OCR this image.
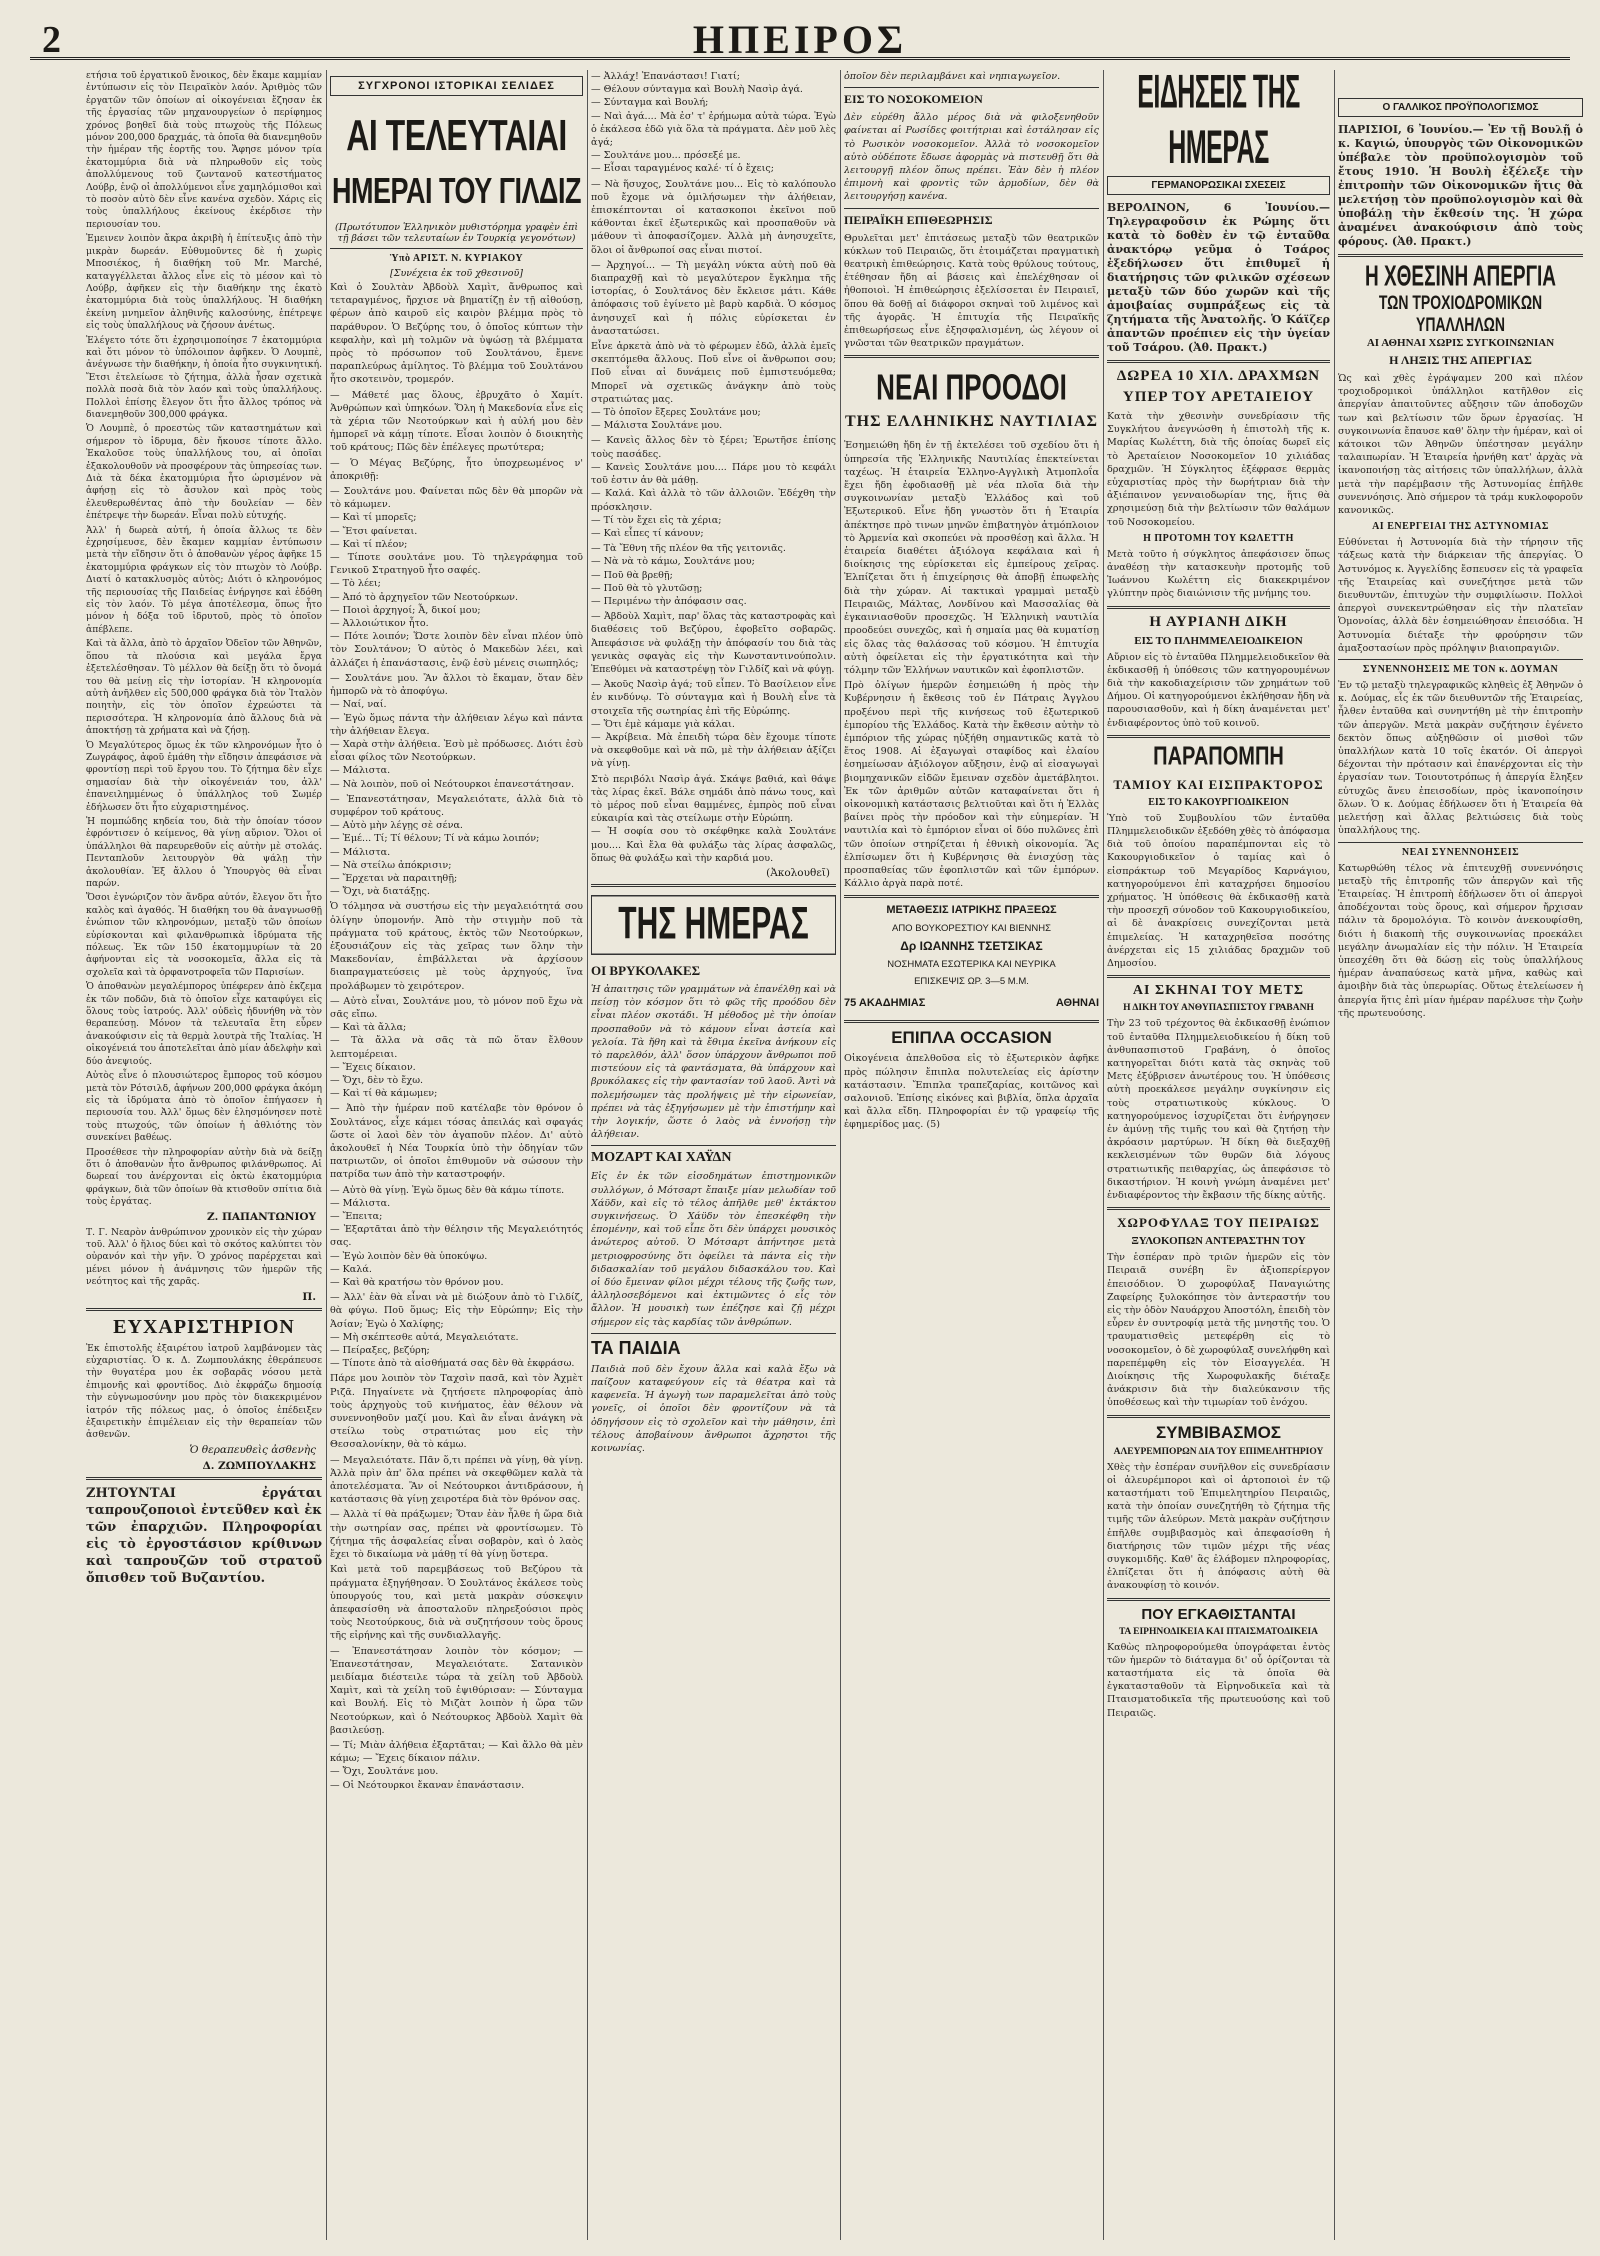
2	ΗΠΕΙΡΟΣ

ετήσια τοῦ ἐργατικοῦ ἔνοικος, δὲν ἔκαμε καμμίαν ἐντύπωσιν εἰς τὸν Πειραϊκὸν λαόν. Ἀριθμὸς τῶν ἐργατῶν τῶν ὁποίων αἱ οἰκογένειαι ἔζησαν ἐκ τῆς ἐργασίας τῶν μηχανουργείων ὁ περίφημος χρόνος βοηθεῖ διὰ τοὺς πτωχοὺς τῆς Πόλεως μόνον 200,000 δραχμάς, τὰ ὁποῖα θὰ διανεμηθοῦν τὴν ἡμέραν τῆς ἑορτῆς του. Ἄφησε μόνον τρία ἑκατομμύρια διὰ νὰ πληρωθοῦν εἰς τοὺς ἀπολλύμενους τοῦ ζωντανοῦ κατεστήματος Λούβρ, ἐνῷ οἱ ἀπολλύμενοι εἶνε χαμηλόμισθοι καὶ τὸ ποσὸν αὐτὸ δὲν εἶνε κανένα σχεδὸν. Χάρις εἰς τοὺς ὑπαλλήλους ἐκείνους ἐκέρδισε τὴν περιουσίαν του.

Ἐμεινεν λοιπὸν ἄκρα ἀκριβὴ ἡ ἐπίτευξις ἀπὸ τὴν μικρὰν δωρεάν. Εὐθυμοῦντες δὲ ἡ χωρὶς Μποσιέκος, ἡ διαθήκη τοῦ Mr. Marché, καταγγέλλεται ἄλλος εἶνε εἰς τὸ μέσον καὶ τὸ Λούβρ, ἀφῆκεν εἰς τὴν διαθήκην της ἑκατὸ ἑκατομμύρια διὰ τοὺς ὑπαλλήλους. Ἡ διαθήκη ἐκείνη μνημεῖον ἀληθινῆς καλοσύνης, ἐπέτρεψε εἰς τοὺς ὑπαλλήλους νὰ ζήσουν ἀνέτως.

Ἐλέγετο τότε ὅτι ἐχρησιμοποίησε 7 ἑκατομμύρια καὶ ὅτι μόνον τὸ ὑπόλοιπον ἀφῆκεν. Ὁ Λουμπὲ, ἀνέγνωσε τὴν διαθήκην, ἡ ὁποία ἦτο συγκινητική. Ἔτσι ἐτελείωσε τὸ ζήτημα, ἀλλὰ ἦσαν σχετικὰ πολλὰ ποσὰ διὰ τὸν λαόν καὶ τοὺς ὑπαλλήλους. Πολλοὶ ἐπίσης ἔλεγον ὅτι ἦτο ἄλλος τρόπος νὰ διανεμηθοῦν 300,000 φράγκα.

Ὁ Λουμπὲ, ὁ προεστὼς τῶν καταστημάτων καὶ σήμερον τὸ ἱδρυμα, δὲν ἤκουσε τίποτε ἄλλο. Ἐκαλοῦσε τοὺς ὑπαλλήλους του, αἱ ὁποῖαι ἐξακολουθοῦν νὰ προσφέρουν τὰς ὑπηρεσίας των. Διὰ τὰ δέκα ἑκατομμύρια ἦτο ὡρισμένον νὰ ἀφήσῃ εἰς τὸ ἄσυλον καὶ πρὸς τοὺς ἐλευθερωθέντας ἀπὸ τὴν δουλείαν — δὲν ἐπέτρεψε τὴν δωρεάν. Εἶναι πολὺ εὐτυχής.

Ἀλλ' ἡ δωρεὰ αὐτή, ἡ ὁποία ἄλλως τε δὲν ἐχρησίμευσε, δὲν ἔκαμεν καμμίαν ἐντύπωσιν μετὰ τὴν εἴδησιν ὅτι ὁ ἀποθανὼν γέρος ἀφῆκε 15 ἑκατομμύρια φράγκων εἰς τὸν πτωχὸν τὸ Λούβρ. Διατί ὁ κατακλυσμὸς αὐτὸς; Διότι ὁ κληρονόμος τῆς περιουσίας τῆς Παιδείας ἐνήργησε καὶ ἐδόθη εἰς τὸν λαόν. Τὸ μέγα ἀποτέλεσμα, ὅπως ἦτο μόνον ἡ δόξα τοῦ ἰδρυτοῦ, πρὸς τὸ ὁποῖον ἀπέβλεπε.

Καὶ τὰ ἄλλα, ἀπὸ τὸ ἀρχαῖον Ὀδεῖον τῶν Ἀθηνῶν, ὅπου τὰ πλούσια καὶ μεγάλα ἔργα ἐξετελέσθησαν. Τὸ μέλλον θὰ δείξῃ ὅτι τὸ ὄνομά του θὰ μείνῃ εἰς τὴν ἱστορίαν. Ἡ κληρονομία αὐτὴ ἀνῆλθεν εἰς 500,000 φράγκα διὰ τὸν Ἰταλὸν ποιητὴν, εἰς τὸν ὁποῖον ἐχρεώστει τὰ περισσότερα. Ἡ κληρονομία ἀπὸ ἄλλους διὰ νὰ ἀποκτήσῃ τὰ χρήματα καὶ νὰ ζήσῃ.

Ὁ Μεγαλύτερος ὅμως ἐκ τῶν κληρονόμων ἦτο ὁ Ζωγράφος, ἀφοῦ ἐμάθη τὴν εἴδησιν ἀπεφάσισε νὰ φροντίσῃ περὶ τοῦ ἔργου του. Τὸ ζήτημα δὲν εἶχε σημασίαν διὰ τὴν οἰκογένειάν του, ἀλλ' ἐπανειλημμένως ὁ ὑπάλληλος τοῦ Σωμέρ ἐδήλωσεν ὅτι ἦτο εὐχαριστημένος.

Ἡ πομπώδης κηδεία του, διὰ τὴν ὁποίαν τόσον ἐφρόντισεν ὁ κείμενος, θὰ γίνῃ αὔριον. Ὅλοι οἱ ὑπάλληλοι θὰ παρευρεθοῦν εἰς αὐτὴν μὲ στολάς. Πενταπλοῦν λειτουργὸν θὰ ψάλῃ τὴν ἀκολουθίαν. Ἐξ ἄλλου ὁ Ὑπουργὸς θὰ εἶναι παρών.

Ὅσοι ἐγνώριζον τὸν ἄνδρα αὐτόν, ἔλεγον ὅτι ἦτο καλὸς καὶ ἀγαθός. Ἡ διαθήκη του θὰ ἀναγνωσθῇ ἐνώπιον τῶν κληρονόμων, μεταξὺ τῶν ὁποίων εὑρίσκονται καὶ φιλανθρωπικὰ ἱδρύματα τῆς πόλεως. Ἐκ τῶν 150 ἑκατομμυρίων τὰ 20 ἀφήνονται εἰς τὰ νοσοκομεῖα, ἄλλα εἰς τὰ σχολεῖα καὶ τὰ ὀρφανοτροφεῖα τῶν Παρισίων.

Ὁ ἀποθανὼν μεγαλέμπορος ὑπέφερεν ἀπὸ ἐκζεμα ἐκ τῶν ποδῶν, διὰ τὸ ὁποῖον εἶχε καταφύγει εἰς ὅλους τοὺς ἰατρούς. Ἀλλ' οὐδεὶς ἠδυνήθη νὰ τὸν θεραπεύσῃ. Μόνον τὰ τελευταῖα ἔτη εὗρεν ἀνακούφισιν εἰς τὰ θερμὰ λουτρὰ τῆς Ἰταλίας. Ἡ οἰκογένειά του ἀποτελεῖται ἀπὸ μίαν ἀδελφὴν καὶ δύο ἀνεψιούς.

Αὐτὸς εἶνε ὁ πλουσιώτερος ἔμπορος τοῦ κόσμου μετὰ τὸν Ρότσιλδ, ἀφήνων 200,000 φράγκα ἀκόμη εἰς τὰ ἰδρύματα ἀπὸ τὸ ὁποῖον ἐπήγασεν ἡ περιουσία του. Ἀλλ' ὅμως δὲν ἐλησμόνησεν ποτὲ τοὺς πτωχούς, τῶν ὁποίων ἡ ἀθλιότης τὸν συνεκίνει βαθέως.

Προσέθεσε τὴν πληροφορίαν αὐτὴν διὰ νὰ δείξῃ ὅτι ὁ ἀποθανὼν ἦτο ἄνθρωπος φιλάνθρωπος. Αἱ δωρεαί του ἀνέρχονται εἰς ὀκτὼ ἑκατομμύρια φράγκων, διὰ τῶν ὁποίων θὰ κτισθοῦν σπίτια διὰ τοὺς ἐργάτας.

Ζ. ΠΑΠΑΝΤΩΝΙΟΥ

Τ. Γ. Νεαρὸν ἀνθρώπινον χρονικὸν εἰς τὴν χώραν τοῦ. Ἀλλ' ὁ ἥλιος δύει καὶ τὸ σκότος καλύπτει τὸν οὐρανόν καὶ τὴν γῆν. Ὁ χρόνος παρέρχεται καὶ μένει μόνον ἡ ἀνάμνησις τῶν ἡμερῶν τῆς νεότητος καὶ τῆς χαρᾶς.

Π.
ΕΥΧΑΡΙΣΤΗΡΙΟΝ

Ἐκ ἐπιστολῆς ἐξαιρέτου ἰατροῦ λαμβάνομεν τὰς εὐχαριστίας. Ὁ κ. Δ. Ζωμπουλάκης ἐθεράπευσε τὴν θυγατέρα μου ἐκ σοβαρᾶς νόσου μετὰ ἐπιμονῆς καὶ φροντίδος. Διὸ ἐκφράζω δημοσίᾳ τὴν εὐγνωμοσύνην μου πρὸς τὸν διακεκριμένον ἰατρόν τῆς πόλεως μας, ὁ ὁποῖος ἐπέδειξεν ἐξαιρετικὴν ἐπιμέλειαν εἰς τὴν θεραπείαν τῶν ἀσθενῶν.

Ὁ θεραπευθεὶς ἀσθενὴς
Δ. ΖΩΜΠΟΥΛΑΚΗΣ

ΖΗΤΟΥΝΤΑΙ ἐργάται ταπρουζοποιοὶ ἐντεῦθεν καὶ ἐκ τῶν ἐπαρχιῶν. Πληροφορίαι εἰς τὸ ἐργοστάσιον κρίθινων καὶ ταπρουζῶν τοῦ στρατοῦ ὄπισθεν τοῦ Βυζαντίου.

ΣΥΓΧΡΟΝΟΙ ΙΣΤΟΡΙΚΑΙ ΣΕΛΙΔΕΣ
ΑΙ ΤΕΛΕΥΤΑΙΑΙ
ΗΜΕΡΑΙ ΤΟΥ ΓΙΛΔΙΖ
(Πρωτότυπον Ἑλληνικὸν μυθιστόρημα γραφὲν ἐπὶ τῇ βάσει τῶν τελευταίων ἐν Τουρκίᾳ γεγονότων)
Ὑπὸ ΑΡΙΣΤ. Ν. ΚΥΡΙΑΚΟΥ
[Συνέχεια ἐκ τοῦ χθεσινοῦ]

Καὶ ὁ Σουλτὰν Ἀβδοὺλ Χαμὶτ, ἄνθρωπος καὶ τεταραγμένος, ἤρχισε νὰ βηματίζῃ ἐν τῇ αἰθούσῃ, φέρων ἀπὸ καιροῦ εἰς καιρὸν βλέμμα πρὸς τὸ παράθυρον. Ὁ Βεζύρης του, ὁ ὁποῖος κύπτων τὴν κεφαλὴν, καὶ μὴ τολμῶν νὰ ὑψώσῃ τὰ βλέμματα πρὸς τὸ πρόσωπον τοῦ Σουλτάνου, ἔμενε παραπλεύρως ἀμίλητος. Τὸ βλέμμα τοῦ Σουλτάνου ἦτο σκοτεινὸν, τρομερόν.

— Μάθετέ μας ὅλους, ἐβρυχᾶτο ὁ Χαμίτ. Ἀνθρώπων καὶ ὑπηκόων. Ὅλη ἡ Μακεδονία εἶνε εἰς τὰ χέρια τῶν Νεοτούρκων καὶ ἡ αὐλή μου δὲν ἠμπορεῖ νὰ κάμῃ τίποτε. Εἶσαι λοιπὸν ὁ διοικητὴς τοῦ κράτους; Πῶς δὲν ἐπέλεγες πρωτύτερα;

— Ὁ Μέγας Βεζύρης, ἦτο ὑποχρεωμένος ν' ἀποκριθῇ:

— Σουλτάνε μου. Φαίνεται πῶς δὲν θὰ μπορῶν νὰ τὸ κάμωμεν.
— Καὶ τί μπορεῖς;
— Ἔτσι φαίνεται.
— Καὶ τί πλέον;
— Τίποτε σουλτάνε μου. Τὸ τηλεγράφημα τοῦ Γενικοῦ Στρατηγοῦ ἦτο σαφές.
— Τὸ λέει;
— Ἀπό τὸ ἀρχηγεῖον τῶν Νεοτούρκων.
— Ποιοὶ ἀρχηγοί; Ἆ, δικοί μου;
— Ἀλλοιώτικον ἦτο.
— Πότε λοιπόν; Ὥστε λοιπὸν δὲν εἶναι πλέον ὑπὸ τὸν Σουλτάνον; Ὁ αὐτὸς ὁ Μακεδὼν λέει, καὶ ἀλλάζει ἡ ἐπανάστασις, ἐνῷ ἐσὺ μένεις σιωπηλός;

— Σουλτάνε μου. Ἂν ἄλλοι τὸ ἔκαμαν, ὅταν δὲν ἠμπορῶ νὰ τὸ ἀποφύγω.
— Ναί, ναί.
— Ἐγὼ ὅμως πάντα τὴν ἀλήθειαν λέγω καὶ πάντα τὴν ἀλήθειαν ἔλεγα.
— Χαρὰ στὴν ἀλήθεια. Ἐσὺ μὲ πρόδωσες. Διότι ἐσὺ εἶσαι φίλος τῶν Νεοτούρκων.
— Μάλιστα.
— Νὰ λοιπὸν, ποῦ οἱ Νεότουρκοι ἐπανεστάτησαν.

— Ἐπανεστάτησαν, Μεγαλειότατε, ἀλλὰ διὰ τὸ συμφέρον τοῦ κράτους.
— Αὐτὸ μὴν λέγῃς σὲ σένα.
— Ἐμέ... Τί; Τί θέλουν; Τί νὰ κάμω λοιπόν;
— Μάλιστα.
— Νὰ στείλω ἀπόκρισιν;
— Ἔρχεται νὰ παραιτηθῇ;
— Ὄχι, νὰ διατάξῃς.

Ὁ τόλμησα νὰ συστήσω εἰς τὴν μεγαλειότητά σου ὀλίγην ὑπομονήν. Ἀπὸ τὴν στιγμὴν ποῦ τὰ πράγματα τοῦ κράτους, ἐκτὸς τῶν Νεοτούρκων, ἐξουσιάζουν εἰς τὰς χεῖρας των ὅλην τὴν Μακεδονίαν, ἐπιβάλλεται νὰ ἀρχίσουν διαπραγματεύσεις μὲ τοὺς ἀρχηγούς, ἵνα προλάβωμεν τὸ χειρότερον.

— Αὐτὸ εἶναι, Σουλτάνε μου, τὸ μόνον ποῦ ἔχω νὰ σᾶς εἴπω.
— Καὶ τὰ ἄλλα;
— Τὰ ἄλλα νὰ σᾶς τὰ πῶ ὅταν ἔλθουν λεπτομέρειαι.
— Ἔχεις δίκαιον.
— Ὄχι, δὲν τὸ ἔχω.
— Καὶ τί θὰ κάμωμεν;

— Ἀπὸ τὴν ἡμέραν ποῦ κατέλαβε τὸν θρόνον ὁ Σουλτάνος, εἶχε κάμει τόσας ἀπειλάς καὶ σφαγάς ὥστε οἱ λαοὶ δὲν τὸν ἀγαποῦν πλέον. Δι' αὐτὸ ἀκολουθεῖ ἡ Νέα Τουρκία ὑπὸ τὴν ὁδηγίαν τῶν πατριωτῶν, οἱ ὁποῖοι ἐπιθυμοῦν νὰ σώσουν τὴν πατρίδα των ἀπὸ τὴν καταστροφήν.

— Αὐτὸ θὰ γίνῃ. Ἐγὼ ὅμως δὲν θὰ κάμω τίποτε.
— Μάλιστα.
— Ἔπειτα;
— Ἐξαρτᾶται ἀπὸ τὴν θέλησιν τῆς Μεγαλειότητός σας.
— Ἐγὼ λοιπὸν δὲν θὰ ὑποκύψω.
— Καλά.
— Καὶ θὰ κρατήσω τὸν θρόνον μου.

— Ἀλλ' ἐὰν θὰ εἶναι νὰ μὲ διώξουν ἀπὸ τὸ Γιλδίζ, θὰ φύγω. Ποῦ ὅμως; Εἰς τὴν Εὐρώπην; Εἰς τὴν Ἀσίαν; Ἐγὼ ὁ Χαλίφης;
— Μὴ σκέπτεσθε αὐτά, Μεγαλειότατε.
— Πείραξες, βεζύρη;
— Τίποτε ἀπὸ τὰ αἰσθήματά σας δὲν θὰ ἐκφράσω.

Πάρε μου λοιπὸν τὸν Ταχσὶν πασᾶ, καὶ τὸν Ἀχμὲτ Ριζᾶ. Πηγαίνετε νὰ ζητήσετε πληροφορίας ἀπὸ τοὺς ἀρχηγοὺς τοῦ κινήματος, ἐὰν θέλουν νὰ συνεννοηθοῦν μαζί μου. Καὶ ἂν εἶναι ἀνάγκη νὰ στείλω τοὺς στρατιώτας μου εἰς τὴν Θεσσαλονίκην, θὰ τὸ κάμω.

— Μεγαλειότατε. Πᾶν ὅ,τι πρέπει νὰ γίνῃ, θὰ γίνῃ. Ἀλλὰ πρὶν ἀπ' ὅλα πρέπει νὰ σκεφθῶμεν καλὰ τὰ ἀποτελέσματα. Ἂν οἱ Νεότουρκοι ἀντιδράσουν, ἡ κατάστασις θὰ γίνῃ χειροτέρα διὰ τὸν θρόνον σας.

— Ἀλλὰ τί θὰ πράξωμεν; Ὅταν ἐὰν ἦλθε ἡ ὥρα διὰ τὴν σωτηρίαν σας, πρέπει νὰ φροντίσωμεν. Τὸ ζήτημα τῆς ἀσφαλείας εἶναι σοβαρὸν, καὶ ὁ λαὸς ἔχει τὸ δικαίωμα νὰ μάθῃ τί θὰ γίνῃ ὕστερα.

Καὶ μετὰ τοῦ παρεμβάσεως τοῦ Βεζύρου τὰ πράγματα ἐξηγήθησαν. Ὁ Σουλτάνος ἐκάλεσε τοὺς ὑπουργούς του, καὶ μετὰ μακρὰν σύσκεψιν ἀπεφασίσθη νὰ ἀποσταλοῦν πληρεξούσιοι πρὸς τοὺς Νεοτούρκους, διὰ νὰ συζητήσουν τοὺς ὅρους τῆς εἰρήνης καὶ τῆς συνδιαλλαγῆς.

— Ἐπανεστάτησαν λοιπὸν τὸν κόσμον; — Ἐπανεστάτησαν, Μεγαλειότατε. Σατανικὸν μειδίαμα διέστειλε τώρα τὰ χείλη τοῦ Ἀβδοὺλ Χαμὶτ, καὶ τὰ χείλη τοῦ ἐψιθύρισαν: — Σύνταγμα καὶ Βουλή. Εἰς τὸ Μιζὰτ λοιπὸν ἡ ὥρα τῶν Νεοτούρκων, καὶ ὁ Νεότουρκος Ἀβδοὺλ Χαμὶτ θὰ βασιλεύσῃ.

— Τί; Μιὰν ἀλήθεια ἐξαρτᾶται; — Καὶ ἄλλο θὰ μὲν κάμω; — Ἔχεις δίκαιον πάλιν.
— Ὄχι, Σουλτάνε μου.
— Οἱ Νεότουρκοι ἔκαναν ἐπανάστασιν.

— Ἀλλάχ! Ἐπανάστασι! Γιατί;
— Θέλουν σύνταγμα καὶ Βουλὴ Νασὶρ ἀγά.
— Σύνταγμα καὶ Βουλή;
— Ναὶ ἀγά.... Μὰ ἐσ' τ' ἐρήμωμα αὐτὰ τώρα. Ἐγὼ ὁ ἐκάλεσα ἐδῶ γιὰ ὅλα τὰ πράγματα. Δὲν μοῦ λὲς ἀγά;
— Σουλτάνε μου... πρόσεξέ με.
— Εἶσαι ταραγμένος καλέ· τί ὁ ἔχεις;

— Νὰ ἥσυχος, Σουλτάνε μου... Εἰς τὸ καλόπουλο ποῦ ἔχομε νὰ ὁμιλήσωμεν τὴν ἀλήθειαν, ἐπισκέπτονται οἱ κατασκοποι ἐκεῖνοι ποῦ κάθονται ἐκεῖ ἐξωτερικῶς καὶ προσπαθοῦν νὰ μάθουν τὶ ἀποφασίζομεν. Ἀλλὰ μὴ ἀνησυχεῖτε, ὅλοι οἱ ἄνθρωποί σας εἶναι πιστοί.

— Ἀρχηγοί... — Τὴ μεγάλη νύκτα αὐτὴ ποῦ θὰ διαπραχθῇ καὶ τὸ μεγαλύτερον ἔγκλημα τῆς ἱστορίας, ὁ Σουλτάνος δὲν ἔκλεισε μάτι. Κάθε ἀπόφασις τοῦ ἐγίνετο μὲ βαρὺ καρδιὰ. Ὁ κόσμος ἀνησυχεῖ καὶ ἡ πόλις εὑρίσκεται ἐν ἀναστατώσει.

Εἶνε ἀρκετὰ ἀπὸ νὰ τὸ φέρωμεν ἐδῶ, ἀλλὰ ἐμεῖς σκεπτόμεθα ἄλλους. Ποῦ εἶνε οἱ ἄνθρωποι σου; Ποῦ εἶναι αἱ δυνάμεις ποῦ ἐμπιστευόμεθα; Μπορεῖ νὰ σχετικῶς ἀνάγκην ἀπὸ τοὺς στρατιώτας μας.
— Τὸ ὁποῖον ἔξερες Σουλτάνε μου;
— Μάλιστα Σουλτάνε μου.

— Κανεὶς ἄλλος δὲν τὸ ξέρει; Ἐρωτῆσε ἐπίσης τοὺς πασάδες.
— Κανεὶς Σουλτάνε μου.... Πάρε μου τὸ κεφάλι τοῦ ἐστιν ἀν θὰ μάθῃ.
— Καλά. Καὶ ἀλλὰ τὸ τῶν ἀλλοιῶν. Ἐδέχθη τὴν πρόσκλησιν.
— Τί τὸν ἔχει εἰς τὰ χέρια;
— Καὶ εἶπες τί κάνουν;

— Τὰ Ἔθνη τῆς πλέον θα τῆς γειτονιᾶς.
— Νὰ νὰ τὸ κάμω, Σουλτάνε μου;
— Ποῦ θὰ βρεθῇ;
— Ποῦ θὰ τὸ γλυτῶσῃ;
— Περιμένω τὴν ἀπόφασιν σας.

— Ἀβδοὺλ Χαμὶτ, παρ' ὅλας τὰς καταστροφὰς καὶ διαθέσεις τοῦ Βεζύρου, ἐφοβεῖτο σοβαρῶς. Ἀπεφάσισε νὰ φυλάξῃ τὴν ἀπόφασίν του διὰ τὰς γενικὰς σφαγὰς εἰς τὴν Κωνσταντινούπολιν. Ἐπεθύμει νὰ καταστρέψῃ τὸν Γιλδίζ καὶ νὰ φύγῃ.

— Ἀκοῦς Νασὶρ ἀγά; τοῦ εἶπεν. Τὸ Βασίλειον εἶνε ἐν κινδύνῳ. Τὸ σύνταγμα καὶ ἡ Βουλὴ εἶνε τὰ στοιχεῖα τῆς σωτηρίας ἐπὶ τῆς Εὐρώπης.
— Ὅτι ἐμὲ κάμαμε γιὰ κάλαι.
— Ἀκρίβεια. Μὰ ἐπειδὴ τώρα δὲν ἔχουμε τίποτε νὰ σκεφθοῦμε καὶ νὰ πῶ, μὲ τὴν ἀλήθειαν ἀξίζει νὰ γίνῃ.

Στὸ περιβόλι Νασὶρ ἀγά. Σκάψε βαθιά, καὶ θάψε τὰς λίρας ἐκεῖ. Βάλε σημάδι ἀπὸ πάνω τους, καὶ τὸ μέρος ποῦ εἶναι θαμμένες, ἐμπρὸς ποῦ εἶναι εὐκαιρία καὶ τὰς στείλωμε στὴν Εὐρώπη.
— Ἡ σοφία σου τὸ σκέφθηκε καλὰ Σουλτάνε μου.... Καὶ ἔλα θὰ φυλάξω τὰς λίρας ἀσφαλῶς, ὅπως θὰ φυλάξω καὶ τὴν καρδιά μου.

(Ἀκολουθεῖ)
ΤΗΣ ΗΜΕΡΑΣ
ΟΙ ΒΡΥΚΟΛΑΚΕΣ

Ἡ ἀπαιτησις τῶν γραμμάτων νὰ ἐπανέλθῃ καὶ νὰ πείσῃ τὸν κόσμον ὅτι τὸ φῶς τῆς προόδου δὲν εἶναι πλέον σκοτάδι. Ἡ μέθοδος μὲ τὴν ὁποίαν προσπαθοῦν νὰ τὸ κάμουν εἶναι ἀστεία καὶ γελοία. Τὰ ἤθη καὶ τὰ ἔθιμα ἐκεῖνα ἀνήκουν εἰς τὸ παρελθόν, ἀλλ' ὅσον ὑπάρχουν ἄνθρωποι ποῦ πιστεύουν εἰς τὰ φαντάσματα, θὰ ὑπάρχουν καὶ βρυκόλακες εἰς τὴν φαντασίαν τοῦ λαοῦ. Ἀντὶ νὰ πολεμήσωμεν τὰς προλήψεις μὲ τὴν εἰρωνείαν, πρέπει νὰ τὰς ἐξηγήσωμεν μὲ τὴν ἐπιστήμην καὶ τὴν λογικήν, ὥστε ὁ λαὸς νὰ ἐννοήσῃ τὴν ἀλήθειαν.

ΜΟΖΑΡΤ ΚΑΙ ΧΑΫΔΝ

Εἰς ἐν ἐκ τῶν εἰσοδημάτων ἐπιστημονικῶν συλλόγων, ὁ Μότσαρτ ἔπαιξε μίαν μελωδίαν τοῦ Χάϋδν, καὶ εἰς τὸ τέλος ἀπῆλθε μεθ' ἐκτάκτου συγκινήσεως. Ὁ Χάϋδν τὸν ἐπεσκέφθη τὴν ἑπομένην, καὶ τοῦ εἶπε ὅτι δὲν ὑπάρχει μουσικὸς ἀνώτερος αὐτοῦ. Ὁ Μότσαρτ ἀπήντησε μετὰ μετριοφροσύνης ὅτι ὀφείλει τὰ πάντα εἰς τὴν διδασκαλίαν τοῦ μεγάλου διδασκάλου του. Καὶ οἱ δύο ἔμειναν φίλοι μέχρι τέλους τῆς ζωῆς των, ἀλληλοσεβόμενοι καὶ ἐκτιμῶντες ὁ εἷς τὸν ἄλλον. Ἡ μουσικὴ των ἐπέζησε καὶ ζῇ μέχρι σήμερον εἰς τὰς καρδίας τῶν ἀνθρώπων.

ΤΑ ΠΑΙΔΙΑ

Παιδιὰ ποῦ δὲν ἔχουν ἄλλα καὶ καλὰ ἔξω νὰ παίζουν καταφεύγουν εἰς τὰ θέατρα καὶ τὰ καφενεῖα. Ἡ ἀγωγὴ των παραμελεῖται ἀπὸ τοὺς γονεῖς, οἱ ὁποῖοι δὲν φροντίζουν νὰ τὰ ὁδηγήσουν εἰς τὸ σχολεῖον καὶ τὴν μάθησιν, ἐπὶ τέλους ἀποβαίνουν ἄνθρωποι ἄχρηστοι τῆς κοινωνίας.

ὁποῖον δὲν περιλαμβάνει καὶ νηπιαγωγεῖον.

ΕΙΣ ΤΟ ΝΟΣΟΚΟΜΕΙΟΝ

Δὲν εὑρέθη ἄλλο μέρος διὰ νὰ φιλοξενηθοῦν φαίνεται αἱ Ρωσίδες φοιτήτριαι καὶ ἐστάλησαν εἰς τὸ Ρωσικὸν νοσοκομεῖον. Ἀλλὰ τὸ νοσοκομεῖον αὐτὸ οὐδέποτε ἔδωσε ἀφορμὰς νὰ πιστευθῇ ὅτι θὰ λειτουργῇ πλέον ὅπως πρέπει. Ἐὰν δὲν ἡ πλέον ἐπιμονὴ καὶ φροντὶς τῶν ἀρμοδίων, δὲν θὰ λειτουργήσῃ κανένα.

ΠΕΙΡΑΪΚΗ ΕΠΙΘΕΩΡΗΣΙΣ

Θρυλεῖται μετ' ἐπιτάσεως μεταξὺ τῶν θεατρικῶν κύκλων τοῦ Πειραιῶς, ὅτι ἑτοιμάζεται πραγματικὴ θεατρικὴ ἐπιθεώρησις. Κατὰ τοὺς θρύλους τούτους, ἐτέθησαν ἤδη αἱ βάσεις καὶ ἐπελέχθησαν οἱ ἠθοποιοὶ. Ἡ ἐπιθεώρησις ἐξελίσσεται ἐν Πειραιεῖ, ὅπου θὰ δοθῇ αἱ διάφοροι σκηναὶ τοῦ λιμένος καὶ τῆς ἀγορᾶς. Ἡ ἐπιτυχία τῆς Πειραϊκῆς ἐπιθεωρήσεως εἶνε ἐξησφαλισμένη, ὡς λέγουν οἱ γνῶσται τῶν θεατρικῶν πραγμάτων.

ΝΕΑΙ ΠΡΟΟΔΟΙ
ΤΗΣ ΕΛΛΗΝΙΚΗΣ ΝΑΥΤΙΛΙΑΣ

Ἐσημειώθη ἤδη ἐν τῇ ἐκτελέσει τοῦ σχεδίου ὅτι ἡ ὑπηρεσία τῆς Ἑλληνικῆς Ναυτιλίας ἐπεκτείνεται ταχέως. Ἡ ἑταιρεία Ἑλληνο-Αγγλικὴ Ἀτμοπλοΐα ἔχει ἤδη ἐφοδιασθῇ μὲ νέα πλοῖα διὰ τὴν συγκοινωνίαν μεταξὺ Ἑλλάδος καὶ τοῦ Ἐξωτερικοῦ. Εἶνε ἤδη γνωστὸν ὅτι ἡ Ἑταιρία ἀπέκτησε πρὸ τινων μηνῶν ἐπιβατηγὸν ἀτμόπλοιον τὸ Ἀρμενία καὶ σκοπεύει νὰ προσθέσῃ καὶ ἄλλα. Ἡ ἑταιρεία διαθέτει ἀξιόλογα κεφάλαια καὶ ἡ διοίκησις της εὑρίσκεται εἰς ἐμπείρους χεῖρας. Ἐλπίζεται ὅτι ἡ ἐπιχείρησις θὰ ἀποβῇ ἐπωφελὴς διὰ τὴν χώραν. Αἱ τακτικαὶ γραμμαὶ μεταξὺ Πειραιῶς, Μάλτας, Λονδίνου καὶ Μασσαλίας θὰ ἐγκαινιασθοῦν προσεχῶς. Ἡ Ἑλληνικὴ ναυτιλία προοδεύει συνεχῶς, καὶ ἡ σημαία μας θὰ κυματίσῃ εἰς ὅλας τὰς θαλάσσας τοῦ κόσμου. Ἡ ἐπιτυχία αὐτὴ ὀφείλεται εἰς τὴν ἐργατικότητα καὶ τὴν τόλμην τῶν Ἑλλήνων ναυτικῶν καὶ ἐφοπλιστῶν.

Πρὸ ὀλίγων ἡμερῶν ἐσημειώθη ἡ πρὸς τὴν Κυβέρνησιν ἡ ἔκθεσις τοῦ ἐν Πάτραις Ἀγγλου προξένου περὶ τῆς κινήσεως τοῦ ἐξωτερικοῦ ἐμπορίου τῆς Ἑλλάδος. Κατὰ τὴν ἔκθεσιν αὐτὴν τὸ ἐμπόριον τῆς χώρας ηὐξήθη σημαντικῶς κατὰ τὸ ἔτος 1908. Αἱ ἐξαγωγαὶ σταφίδος καὶ ἐλαίου ἐσημείωσαν ἀξιόλογον αὔξησιν, ἐνῷ αἱ εἰσαγωγαὶ βιομηχανικῶν εἰδῶν ἔμειναν σχεδὸν ἀμετάβλητοι. Ἐκ τῶν ἀριθμῶν αὐτῶν καταφαίνεται ὅτι ἡ οἰκονομικὴ κατάστασις βελτιοῦται καὶ ὅτι ἡ Ἑλλὰς βαίνει πρὸς τὴν πρόοδον καὶ τὴν εὐημερίαν. Ἡ ναυτιλία καὶ τὸ ἐμπόριον εἶναι οἱ δύο πυλῶνες ἐπὶ τῶν ὁποίων στηρίζεται ἡ ἐθνικὴ οἰκονομία. Ἂς ἐλπίσωμεν ὅτι ἡ Κυβέρνησις θὰ ἐνισχύσῃ τὰς προσπαθείας τῶν ἐφοπλιστῶν καὶ τῶν ἐμπόρων. Κάλλιο ἀργὰ παρὰ ποτέ.

ΜΕΤΑΘΕΣΙΣ ΙΑΤΡΙΚΗΣ ΠΡΑΞΕΩΣ
ΑΠΟ ΒΟΥΚΟΡΕΣΤΙΟΥ ΚΑΙ ΒΙΕΝΝΗΣ
Δρ ΙΩΑΝΝΗΣ ΤΣΕΤΣΙΚΑΣ
ΝΟΣΗΜΑΤΑ ΕΣΩΤΕΡΙΚΑ ΚΑΙ ΝΕΥΡΙΚΑ
ΕΠΙΣΚΕΨΙΣ ΩΡ. 3—5 Μ.Μ.
75 ΑΚΑΔΗΜΙΑΣ	ΑΘΗΝΑΙ
ΕΠΙΠΛΑ OCCASION

Οἰκογένεια ἀπελθοῦσα εἰς τὸ ἐξωτερικὸν ἀφῆκε πρὸς πώλησιν ἔπιπλα πολυτελείας εἰς ἀρίστην κατάστασιν. Ἔπιπλα τραπεζαρίας, κοιτῶνος καὶ σαλονιοῦ. Ἐπίσης εἰκόνες καὶ βιβλία, ὅπλα ἀρχαῖα καὶ ἄλλα εἴδη. Πληροφορίαι ἐν τῷ γραφείῳ τῆς ἐφημερίδος μας. (5)

ΕΙΔΗΣΕΙΣ ΤΗΣ ΗΜΕΡΑΣ
ΓΕΡΜΑΝΟΡΩΣΙΚΑΙ ΣΧΕΣΕΙΣ

ΒΕΡΟΛΙΝΟΝ, 6 Ἰουνίου.— Τηλεγραφοῦσιν ἐκ Ρώμης ὅτι κατὰ τὸ δοθὲν ἐν τῷ ἐνταῦθα ἀνακτόρῳ γεῦμα ὁ Τσάρος ἐξεδήλωσεν ὅτι ἐπιθυμεῖ ἡ διατήρησις τῶν φιλικῶν σχέσεων μεταξὺ τῶν δύο χωρῶν καὶ τῆς ἀμοιβαίας συμπράξεως εἰς τὰ ζητήματα τῆς Ἀνατολῆς. Ὁ Κάϊζερ ἀπαντῶν προέπιεν εἰς τὴν ὑγείαν τοῦ Τσάρου. (Ἀθ. Πρακτ.)

ΔΩΡΕΑ 10 ΧΙΛ. ΔΡΑΧΜΩΝ
ΥΠΕΡ ΤΟΥ ΑΡΕΤΑΙΕΙΟΥ

Κατὰ τὴν χθεσινὴν συνεδρίασιν τῆς Συγκλήτου ἀνεγνώσθη ἡ ἐπιστολὴ τῆς κ. Μαρίας Κωλέττη, διὰ τῆς ὁποίας δωρεῖ εἰς τὸ Ἀρεταίειον Νοσοκομεῖον 10 χιλιάδας δραχμῶν. Ἡ Σύγκλητος ἐξέφρασε θερμὰς εὐχαριστίας πρὸς τὴν δωρήτριαν διὰ τὴν ἀξιέπαινον γενναιοδωρίαν της, ἥτις θὰ χρησιμεύσῃ διὰ τὴν βελτίωσιν τῶν θαλάμων τοῦ Νοσοκομείου.

Η ΠΡΟΤΟΜΗ ΤΟΥ ΚΩΛΕΤΤΗ

Μετὰ τοῦτο ἡ σύγκλητος ἀπεφάσισεν ὅπως ἀναθέσῃ τὴν κατασκευὴν προτομῆς τοῦ Ἰωάννου Κωλέττη εἰς διακεκριμένον γλύπτην πρὸς διαιώνισιν τῆς μνήμης του.

Η ΑΥΡΙΑΝΗ ΔΙΚΗ
ΕΙΣ ΤΟ ΠΛΗΜΜΕΛΕΙΟΔΙΚΕΙΟΝ

Αὔριον εἰς τὸ ἐνταῦθα Πλημμελειοδικεῖον θὰ ἐκδικασθῇ ἡ ὑπόθεσις τῶν κατηγορουμένων διὰ τὴν κακοδιαχείρισιν τῶν χρημάτων τοῦ Δήμου. Οἱ κατηγορούμενοι ἐκλήθησαν ἤδη νὰ παρουσιασθοῦν, καὶ ἡ δίκη ἀναμένεται μετ' ἐνδιαφέροντος ὑπὸ τοῦ κοινοῦ.

ΠΑΡΑΠΟΜΠΗ
ΤΑΜΙΟΥ ΚΑΙ ΕΙΣΠΡΑΚΤΟΡΟΣ
ΕΙΣ ΤΟ ΚΑΚΟΥΡΓΙΟΔΙΚΕΙΟΝ

Ὑπὸ τοῦ Συμβουλίου τῶν ἐνταῦθα Πλημμελειοδικῶν ἐξεδόθη χθὲς τὸ ἀπόφασμα διὰ τοῦ ὁποίου παραπέμπονται εἰς τὸ Κακουργιοδικεῖον ὁ ταμίας καὶ ὁ εἰσπράκτωρ τοῦ Μεγαρίδος Καρνάγιου, κατηγορούμενοι ἐπὶ καταχρήσει δημοσίου χρήματος. Ἡ ὑπόθεσις θὰ ἐκδικασθῇ κατὰ τὴν προσεχῆ σύνοδον τοῦ Κακουργιοδικείου, αἱ δὲ ἀνακρίσεις συνεχίζονται μετὰ ἐπιμελείας. Ἡ καταχρηθεῖσα ποσότης ἀνέρχεται εἰς 15 χιλιάδας δραχμῶν τοῦ Δημοσίου.

ΑΙ ΣΚΗΝΑΙ ΤΟΥ ΜΕΤΣ
Η ΔΙΚΗ ΤΟΥ ΑΝΘΥΠΑΣΠΙΣΤΟΥ ΓΡΑΒΑΝΗ

Τὴν 23 τοῦ τρέχοντος θὰ ἐκδικασθῇ ἐνώπιον τοῦ ἐνταῦθα Πλημμελειοδικείου ἡ δίκη τοῦ ἀνθυπασπιστοῦ Γραβάνη, ὁ ὁποῖος κατηγορεῖται διότι κατὰ τὰς σκηνὰς τοῦ Μετς ἐξύβρισεν ἀνωτέρους του. Ἡ ὑπόθεσις αὐτὴ προεκάλεσε μεγάλην συγκίνησιν εἰς τοὺς στρατιωτικοὺς κύκλους. Ὁ κατηγορούμενος ἰσχυρίζεται ὅτι ἐνήργησεν ἐν ἀμύνῃ τῆς τιμῆς του καὶ θὰ ζητήσῃ τὴν ἀκρόασιν μαρτύρων. Ἡ δίκη θὰ διεξαχθῇ κεκλεισμένων τῶν θυρῶν διὰ λόγους στρατιωτικῆς πειθαρχίας, ὡς ἀπεφάσισε τὸ δικαστήριον. Ἡ κοινὴ γνώμη ἀναμένει μετ' ἐνδιαφέροντος τὴν ἔκβασιν τῆς δίκης αὐτῆς.

ΧΩΡΟΦΥΛΑΞ ΤΟΥ ΠΕΙΡΑΙΩΣ
ΞΥΛΟΚΟΠΩΝ ΑΝΤΕΡΑΣΤΗΝ ΤΟΥ

Τὴν ἑσπέραν πρὸ τριῶν ἡμερῶν εἰς τὸν Πειραιᾶ συνέβη ἓν ἀξιοπερίεργον ἐπεισόδιον. Ὁ χωροφύλαξ Παναγιώτης Ζαφείρης ξυλοκόπησε τὸν ἀντεραστήν του εἰς τὴν ὁδὸν Ναυάρχου Ἀποστόλη, ἐπειδὴ τὸν εὗρεν ἐν συντροφίᾳ μετὰ τῆς μνηστῆς του. Ὁ τραυματισθεὶς μετεφέρθη εἰς τὸ νοσοκομεῖον, ὁ δὲ χωροφύλαξ συνελήφθη καὶ παρεπέμφθη εἰς τὸν Εἰσαγγελέα. Ἡ Διοίκησις τῆς Χωροφυλακῆς διέταξε ἀνάκρισιν διὰ τὴν διαλεύκανσιν τῆς ὑποθέσεως καὶ τὴν τιμωρίαν τοῦ ἐνόχου.

ΣΥΜΒΙΒΑΣΜΟΣ
ΑΛΕΥΡΕΜΠΟΡΩΝ ΔΙΑ ΤΟΥ ΕΠΙΜΕΛΗΤΗΡΙΟΥ

Χθὲς τὴν ἑσπέραν συνῆλθον εἰς συνεδρίασιν οἱ ἀλευρέμποροι καὶ οἱ ἀρτοποιοὶ ἐν τῷ καταστήματι τοῦ Ἐπιμελητηρίου Πειραιῶς, κατὰ τὴν ὁποίαν συνεζητήθη τὸ ζήτημα τῆς τιμῆς τῶν ἀλεύρων. Μετὰ μακρὰν συζήτησιν ἐπῆλθε συμβιβασμὸς καὶ ἀπεφασίσθη ἡ διατήρησις τῶν τιμῶν μέχρι τῆς νέας συγκομιδῆς. Καθ' ἃς ἐλάβομεν πληροφορίας, ἐλπίζεται ὅτι ἡ ἀπόφασις αὐτὴ θὰ ἀνακουφίσῃ τὸ κοινόν.

ΠΟΥ ΕΓΚΑΘΙΣΤΑΝΤΑΙ
ΤΑ ΕΙΡΗΝΟΔΙΚΕΙΑ ΚΑΙ ΠΤΑΙΣΜΑΤΟΔΙΚΕΙΑ

Καθὼς πληροφορούμεθα ὑπογράφεται ἐντὸς τῶν ἡμερῶν τὸ διάταγμα δι' οὗ ὁρίζονται τὰ καταστήματα εἰς τὰ ὁποῖα θὰ ἐγκατασταθοῦν τὰ Εἰρηνοδικεῖα καὶ τὰ Πταισματοδικεῖα τῆς πρωτευούσης καὶ τοῦ Πειραιῶς.

Ο ΓΑΛΛΙΚΟΣ ΠΡΟΫΠΟΛΟΓΙΣΜΟΣ

ΠΑΡΙΣΙΟΙ, 6 Ἰουνίου.— Ἐν τῇ Βουλῇ ὁ κ. Καγιώ, ὑπουργὸς τῶν Οἰκονομικῶν ὑπέβαλε τὸν προϋπολογισμὸν τοῦ ἔτους 1910. Ἡ Βουλὴ ἐξέλεξε τὴν ἐπιτροπὴν τῶν Οἰκονομικῶν ἥτις θὰ μελετήσῃ τὸν προϋπολογισμὸν καὶ θὰ ὑποβάλῃ τὴν ἔκθεσίν της. Ἡ χώρα ἀναμένει ἀνακούφισιν ἀπὸ τοὺς φόρους. (Ἀθ. Πρακτ.)

Η ΧΘΕΣΙΝΗ ΑΠΕΡΓΙΑ
ΤΩΝ ΤΡΟΧΙΟΔΡΟΜΙΚΩΝ ΥΠΑΛΛΗΛΩΝ
ΑΙ ΑΘΗΝΑΙ ΧΩΡΙΣ ΣΥΓΚΟΙΝΩΝΙΑΝ
Η ΛΗΞΙΣ ΤΗΣ ΑΠΕΡΓΙΑΣ

Ὡς καὶ χθὲς ἐγράψαμεν 200 καὶ πλέον τροχιοδρομικοὶ ὑπάλληλοι κατῆλθον εἰς ἀπεργίαν ἀπαιτοῦντες αὔξησιν τῶν ἀποδοχῶν των καὶ βελτίωσιν τῶν ὅρων ἐργασίας. Ἡ συγκοινωνία ἔπαυσε καθ' ὅλην τὴν ἡμέραν, καὶ οἱ κάτοικοι τῶν Ἀθηνῶν ὑπέστησαν μεγάλην ταλαιπωρίαν. Ἡ Ἑταιρεία ἠρνήθη κατ' ἀρχὰς νὰ ἱκανοποιήσῃ τὰς αἰτήσεις τῶν ὑπαλλήλων, ἀλλὰ μετὰ τὴν παρέμβασιν τῆς Ἀστυνομίας ἐπῆλθε συνεννόησις. Ἀπὸ σήμερον τὰ τράμ κυκλοφοροῦν κανονικῶς.

ΑΙ ΕΝΕΡΓΕΙΑΙ ΤΗΣ ΑΣΤΥΝΟΜΙΑΣ

Εὐθύνεται ἡ Ἀστυνομία διὰ τὴν τήρησιν τῆς τάξεως κατὰ τὴν διάρκειαν τῆς ἀπεργίας. Ὁ Ἀστυνόμος κ. Ἀγγελίδης ἔσπευσεν εἰς τὰ γραφεῖα τῆς Ἑταιρείας καὶ συνεζήτησε μετὰ τῶν διευθυντῶν, ἐπιτυχὼν τὴν συμφιλίωσιν. Πολλοὶ ἀπεργοὶ συνεκεντρώθησαν εἰς τὴν πλατεῖαν Ὁμονοίας, ἀλλὰ δὲν ἐσημειώθησαν ἐπεισόδια. Ἡ Ἀστυνομία διέταξε τὴν φρούρησιν τῶν ἀμαξοστασίων πρὸς πρόληψιν βιαιοπραγιῶν.

ΣΥΝΕΝΝΟΗΣΕΙΣ ΜΕ ΤΟΝ κ. ΔΟΥΜΑΝ

Ἐν τῷ μεταξὺ τηλεγραφικῶς κληθεὶς ἐξ Ἀθηνῶν ὁ κ. Δούμας, εἷς ἐκ τῶν διευθυντῶν τῆς Ἑταιρείας, ἦλθεν ἐνταῦθα καὶ συνηντήθη μὲ τὴν ἐπιτροπὴν τῶν ἀπεργῶν. Μετὰ μακρὰν συζήτησιν ἐγένετο δεκτὸν ὅπως αὐξηθῶσιν οἱ μισθοὶ τῶν ὑπαλλήλων κατὰ 10 τοῖς ἑκατόν. Οἱ ἀπεργοὶ δέχονται τὴν πρότασιν καὶ ἐπανέρχονται εἰς τὴν ἐργασίαν των. Τοιουτοτρόπως ἡ ἀπεργία ἔληξεν εὐτυχῶς ἄνευ ἐπεισοδίων, πρὸς ἱκανοποίησιν ὅλων. Ὁ κ. Δούμας ἐδήλωσεν ὅτι ἡ Ἑταιρεία θὰ μελετήσῃ καὶ ἄλλας βελτιώσεις διὰ τοὺς ὑπαλλήλους της.

ΝΕΑΙ ΣΥΝΕΝΝΟΗΣΕΙΣ

Κατωρθώθη τέλος νὰ ἐπιτευχθῇ συνεννόησις μεταξὺ τῆς ἐπιτροπῆς τῶν ἀπεργῶν καὶ τῆς Ἑταιρείας. Ἡ ἐπιτροπὴ ἐδήλωσεν ὅτι οἱ ἀπεργοὶ ἀποδέχονται τοὺς ὅρους, καὶ σήμερον ἤρχισαν πάλιν τὰ δρομολόγια. Τὸ κοινὸν ἀνεκουφίσθη, διότι ἡ διακοπὴ τῆς συγκοινωνίας προεκάλει μεγάλην ἀνωμαλίαν εἰς τὴν πόλιν. Ἡ Ἑταιρεία ὑπεσχέθη ὅτι θὰ δώσῃ εἰς τοὺς ὑπαλλήλους ἡμέραν ἀναπαύσεως κατὰ μῆνα, καθὼς καὶ ἀμοιβὴν διὰ τὰς ὑπερωρίας. Οὕτως ἐτελείωσεν ἡ ἀπεργία ἥτις ἐπὶ μίαν ἡμέραν παρέλυσε τὴν ζωὴν τῆς πρωτευούσης.
